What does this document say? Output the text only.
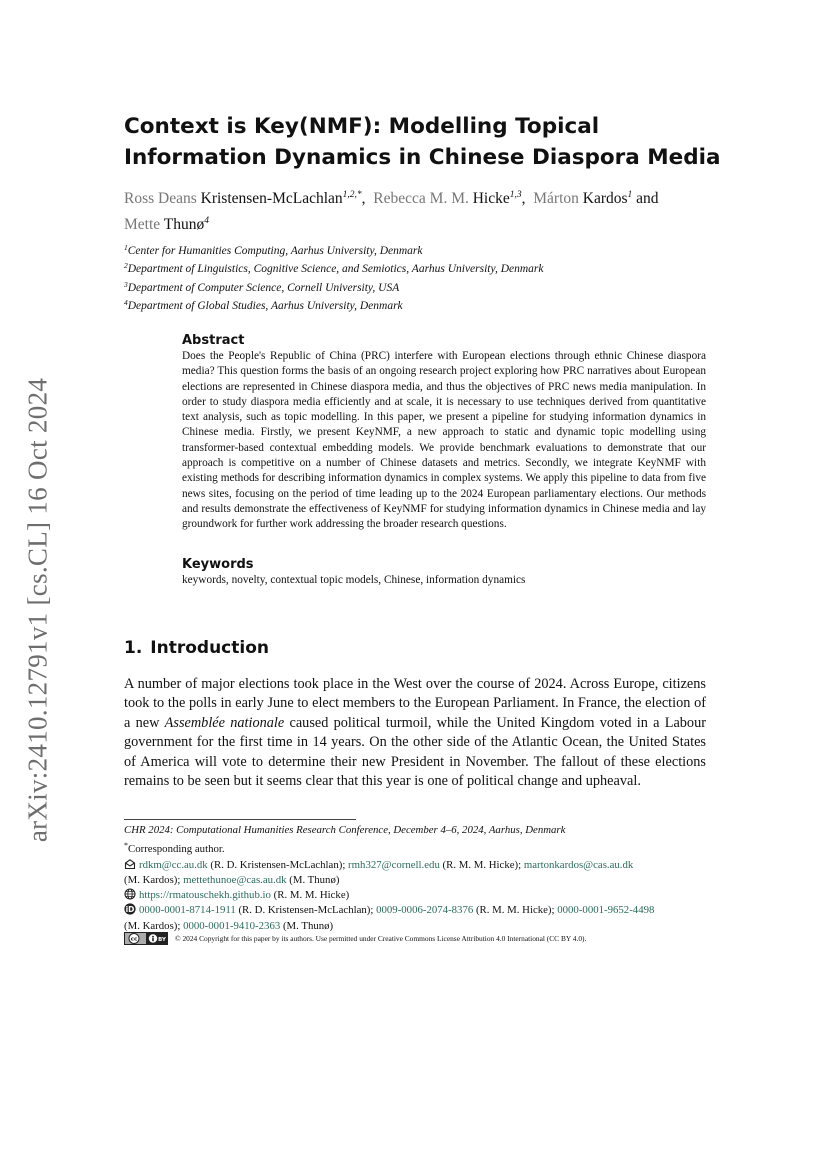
arXiv:2410.12791v1 [cs.CL] 16 Oct 2024
Context is Key(NMF): Modelling Topical Information Dynamics in Chinese Diaspora Media
Ross Deans Kristensen-McLachlan$^{1,2,*}$,  Rebecca M. M. Hicke$^{1,3}$,  Márton Kardos$^1$ and
Mette Thunø$^4$
$^1$Center for Humanities Computing, Aarhus University, Denmark
$^2$Department of Linguistics, Cognitive Science, and Semiotics, Aarhus University, Denmark
$^3$Department of Computer Science, Cornell University, USA
$^4$Department of Global Studies, Aarhus University, Denmark
Abstract

Does the People's Republic of China (PRC) interfere with European elections through ethnic Chinese diaspora media? This question forms the basis of an ongoing research project exploring how PRC narratives about European elections are represented in Chinese diaspora media, and thus the objectives of PRC news media manipulation. In order to study diaspora media efficiently and at scale, it is necessary to use techniques derived from quantitative text analysis, such as topic modelling. In this paper, we present a pipeline for studying information dynamics in Chinese media. Firstly, we present KeyNMF, a new approach to static and dynamic topic modelling using transformer-based contextual embedding models. We provide benchmark evaluations to demonstrate that our approach is competitive on a number of Chinese datasets and metrics. Secondly, we integrate KeyNMF with existing methods for describing information dynamics in complex systems. We apply this pipeline to data from five news sites, focusing on the period of time leading up to the 2024 European parliamentary elections. Our methods and results demonstrate the effectiveness of KeyNMF for studying information dynamics in Chinese media and lay groundwork for further work addressing the broader research questions.

Keywords

keywords, novelty, contextual topic models, Chinese, information dynamics

1. Introduction

A number of major elections took place in the West over the course of 2024. Across Europe, citizens took to the polls in early June to elect members to the European Parliament. In France, the election of a new Assemblée nationale caused political turmoil, while the United Kingdom voted in a Labour government for the first time in 14 years. On the other side of the Atlantic Ocean, the United States of America will vote to determine their new President in November. The fallout of these elections remains to be seen but it seems clear that this year is one of political change and upheaval.

CHR 2024: Computational Humanities Research Conference, December 4–6, 2024, Aarhus, Denmark
*Corresponding author.
rdkm@cc.au.dk (R. D. Kristensen-McLachlan); rmh327@cornell.edu (R. M. M. Hicke); martonkardos@cas.au.dk
(M. Kardos); mettethunoe@cas.au.dk (M. Thunø)
https://rmatouschekh.github.io (R. M. M. Hicke)
iD 0000-0001-8714-1911 (R. D. Kristensen-McLachlan); 0009-0006-2074-8376 (R. M. M. Hicke); 0000-0001-9652-4498
(M. Kardos); 0000-0001-9410-2363 (M. Thunø)
cc	BY © 2024 Copyright for this paper by its authors. Use permitted under Creative Commons License Attribution 4.0 International (CC BY 4.0).
